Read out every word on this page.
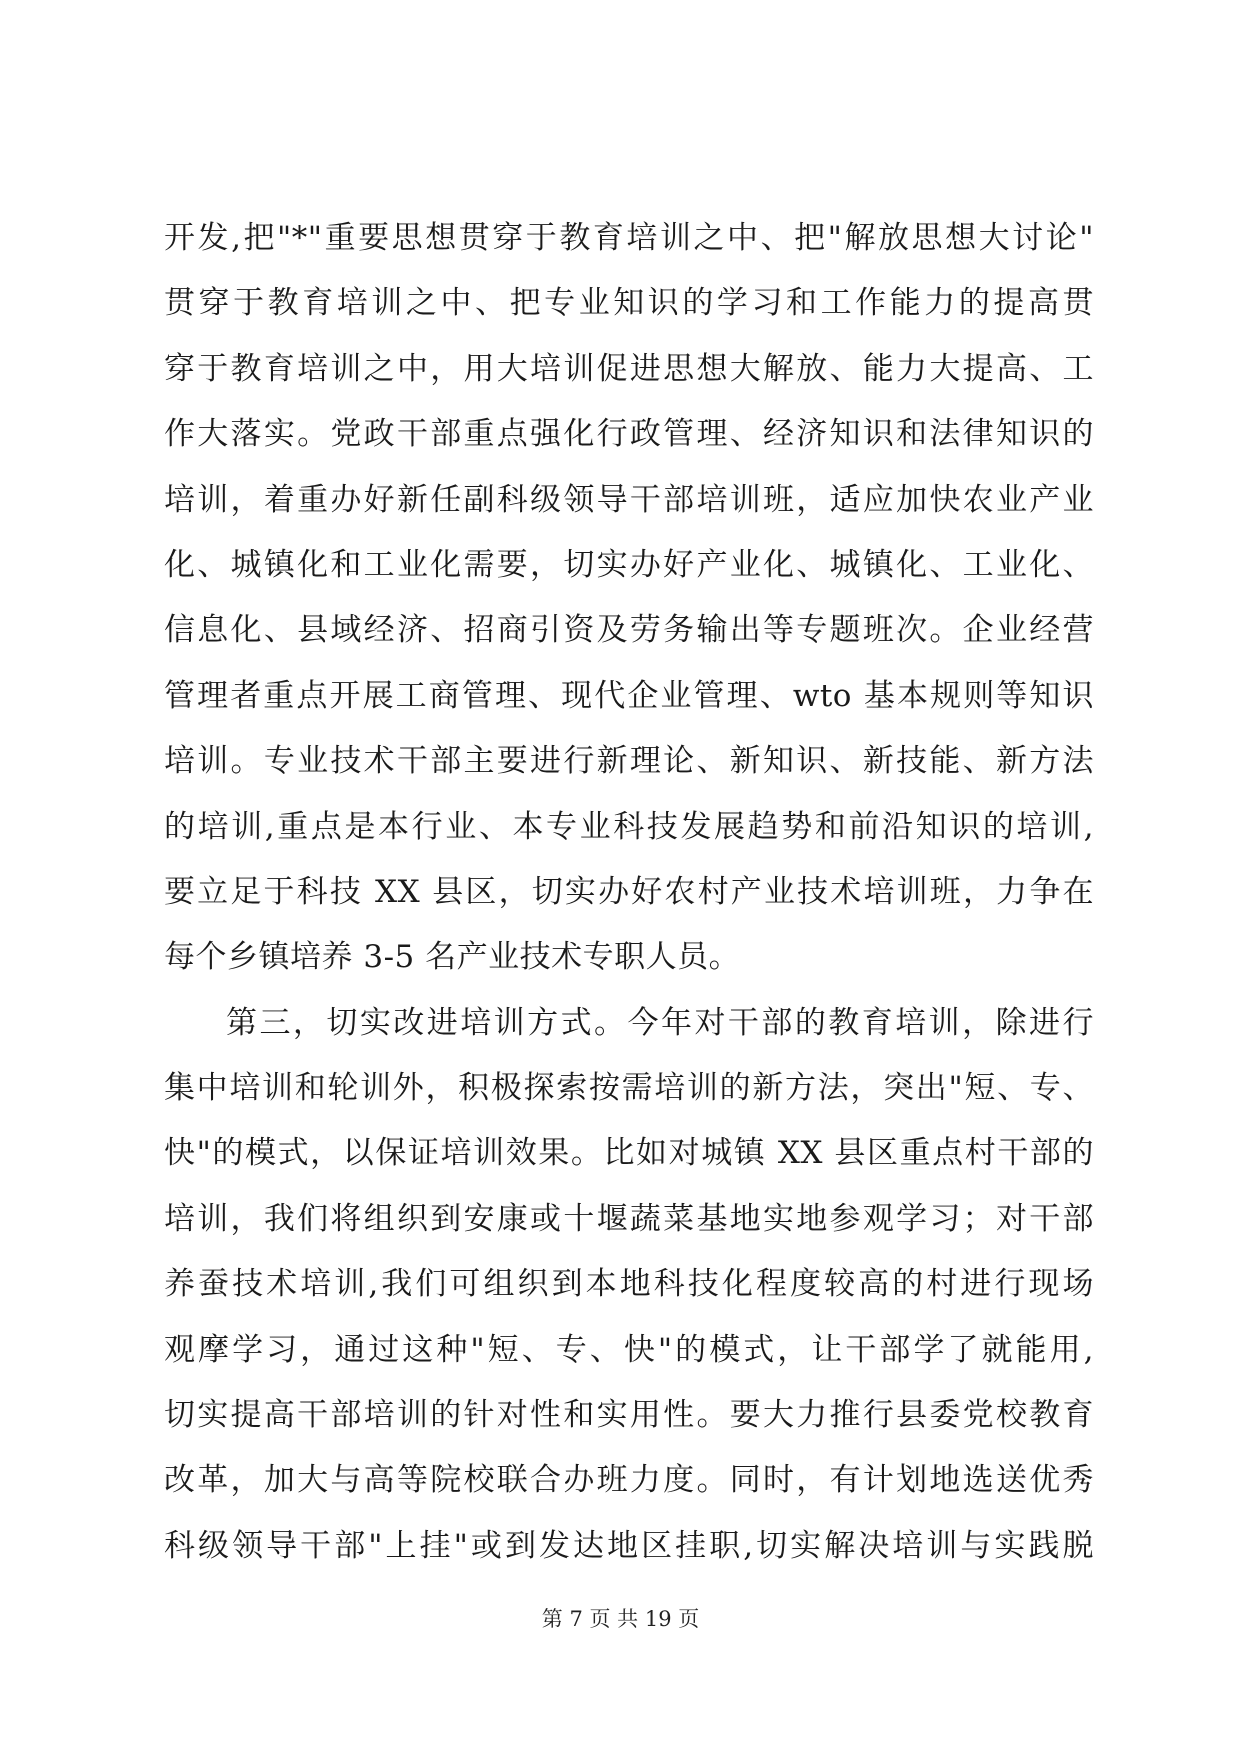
开发,把"*"重要思想贯穿于教育培训之中、把"解放思想大讨论"
贯穿于教育培训之中、把专业知识的学习和工作能力的提高贯
穿于教育培训之中，用大培训促进思想大解放、能力大提高、工
作大落实。党政干部重点强化行政管理、经济知识和法律知识的
培训，着重办好新任副科级领导干部培训班，适应加快农业产业
化、城镇化和工业化需要，切实办好产业化、城镇化、工业化、
信息化、县域经济、招商引资及劳务输出等专题班次。企业经营
管理者重点开展工商管理、现代企业管理、wto 基本规则等知识
培训。专业技术干部主要进行新理论、新知识、新技能、新方法
的培训,重点是本行业、本专业科技发展趋势和前沿知识的培训,
要立足于科技 XX 县区，切实办好农村产业技术培训班，力争在
每个乡镇培养 3-5 名产业技术专职人员。
第三，切实改进培训方式。今年对干部的教育培训，除进行
集中培训和轮训外，积极探索按需培训的新方法，突出"短、专、
快"的模式，以保证培训效果。比如对城镇 XX 县区重点村干部的
培训，我们将组织到安康或十堰蔬菜基地实地参观学习；对干部
养蚕技术培训,我们可组织到本地科技化程度较高的村进行现场
观摩学习，通过这种"短、专、快"的模式，让干部学了就能用,
切实提高干部培训的针对性和实用性。要大力推行县委党校教育
改革，加大与高等院校联合办班力度。同时，有计划地选送优秀
科级领导干部"上挂"或到发达地区挂职,切实解决培训与实践脱
第 7 页 共 19 页
